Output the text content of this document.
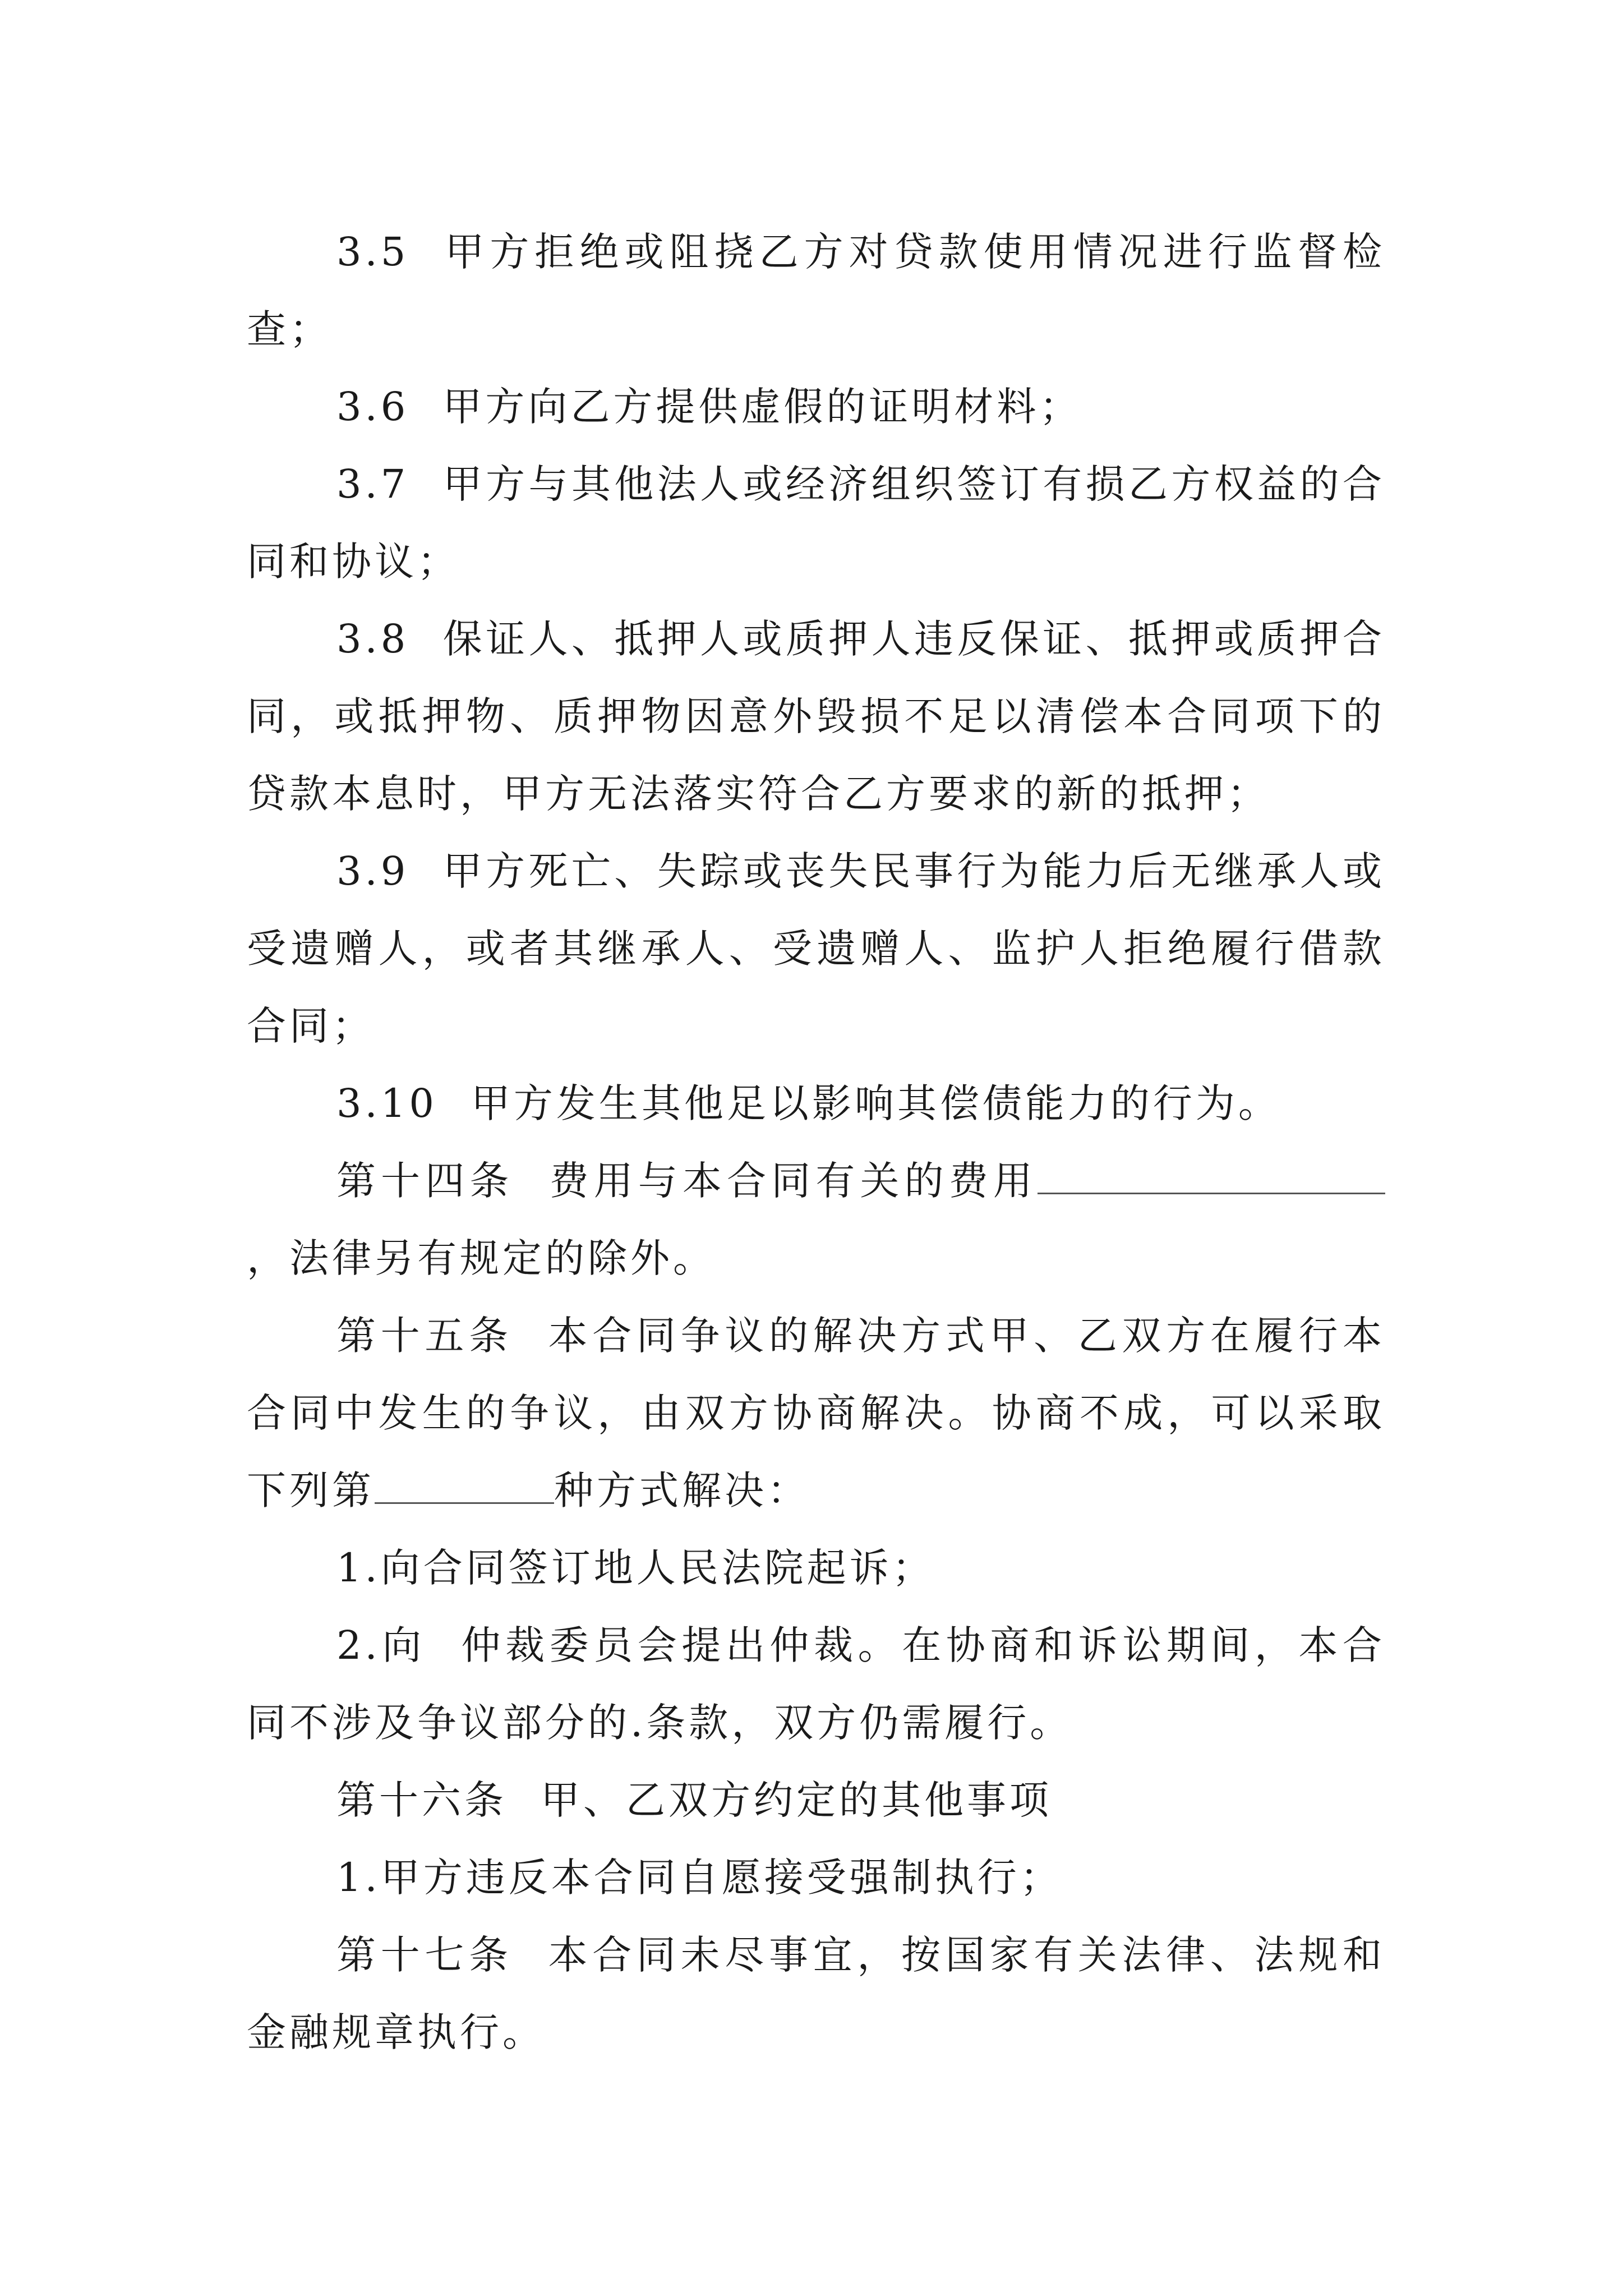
3.5 甲方拒绝或阻挠乙方对贷款使用情况进行监督检查；

3.6 甲方向乙方提供虚假的证明材料；

3.7 甲方与其他法人或经济组织签订有损乙方权益的合同和协议；

3.8 保证人、抵押人或质押人违反保证、抵押或质押合同，或抵押物、质押物因意外毁损不足以清偿本合同项下的贷款本息时，甲方无法落实符合乙方要求的新的抵押；

3.9 甲方死亡、失踪或丧失民事行为能力后无继承人或受遗赠人，或者其继承人、受遗赠人、监护人拒绝履行借款合同；

3.10 甲方发生其他足以影响其偿债能力的行为。

第十四条 费用与本合同有关的费用，法律另有规定的除外。

第十五条 本合同争议的解决方式甲、乙双方在履行本合同中发生的争议，由双方协商解决。协商不成，可以采取下列第	种方式解决：

1.向合同签订地人民法院起诉；

2.向 仲裁委员会提出仲裁。在协商和诉讼期间，本合同不涉及争议部分的.条款，双方仍需履行。

第十六条 甲、乙双方约定的其他事项

1.甲方违反本合同自愿接受强制执行；

第十七条 本合同未尽事宜，按国家有关法律、法规和金融规章执行。
